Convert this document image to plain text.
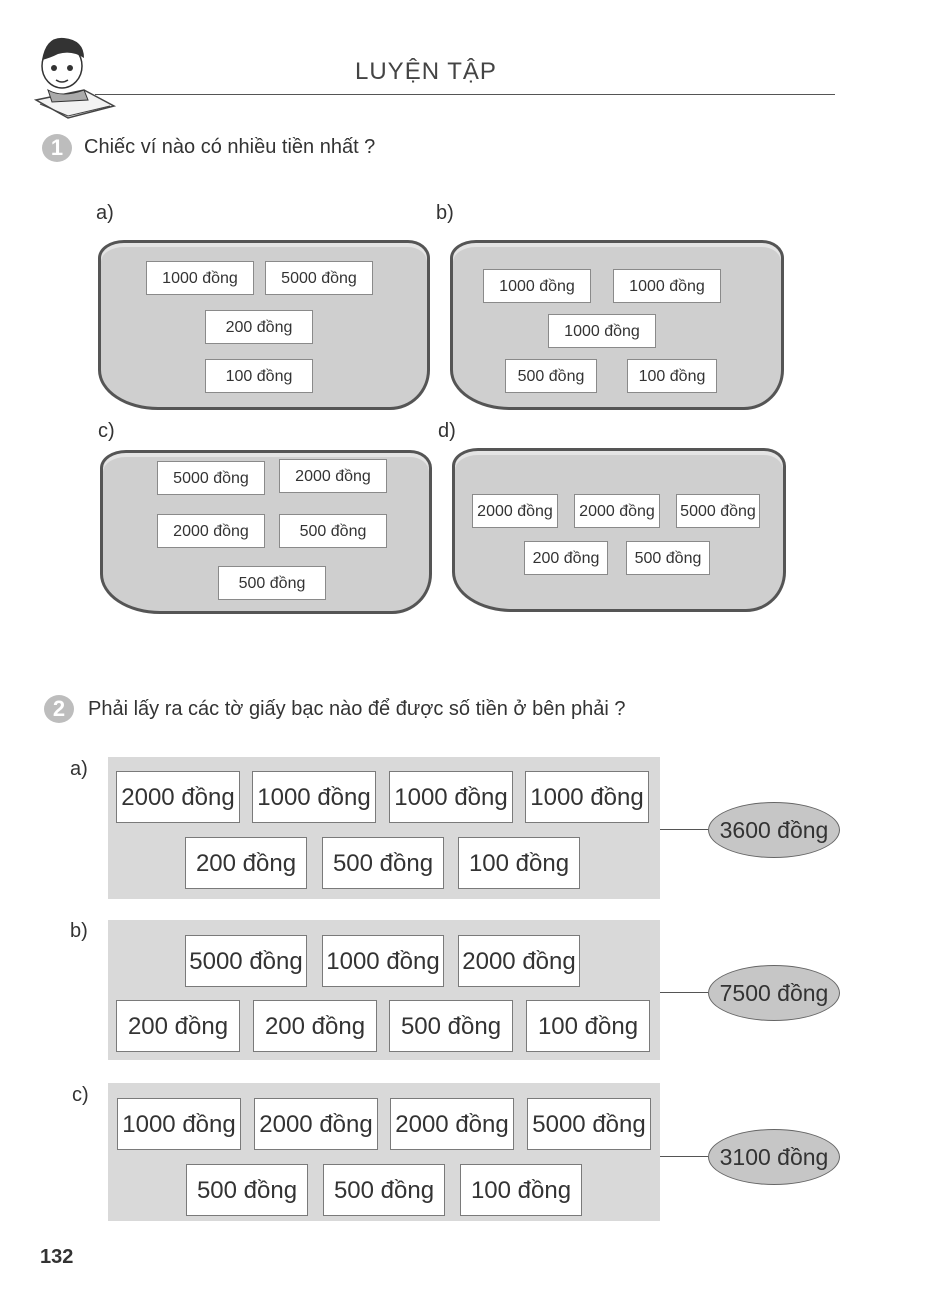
LUYỆN TẬP
1	Chiếc ví nào có nhiều tiền nhất ?
a)
1000 đồng	5000 đồng
200 đồng
100 đồng
b)
1000 đồng	1000 đồng
1000 đồng
500 đồng	100 đồng
c)
5000 đồng	2000 đồng
2000 đồng	500 đồng
500 đồng
d)
2000 đồng	2000 đồng	5000 đồng
200 đồng	500 đồng
2	Phải lấy ra các tờ giấy bạc nào để được số tiền ở bên phải ?
a)
2000 đồng 1000 đồng 1000 đồng 1000 đồng
200 đồng	500 đồng	100 đồng
3600 đồng
b)
5000 đồng 1000 đồng 2000 đồng
200 đồng	200 đồng	500 đồng	100 đồng
7500 đồng
c)
1000 đồng 2000 đồng 2000 đồng 5000 đồng
500 đồng	500 đồng	100 đồng
3100 đồng
132
